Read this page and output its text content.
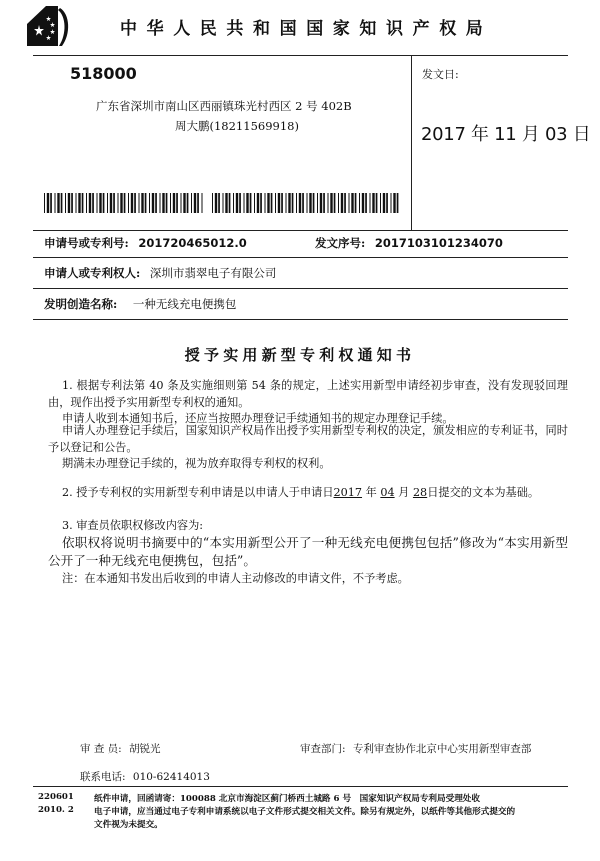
中华人民共和国国家知识产权局
518000
广东省深圳市南山区西丽镇珠光村西区 2 号 402B
周大鹏(18211569918)
发文日:
2017 年 11 月 03 日
申请号或专利号: 201720465012.0	发文序号: 2017103101234070
申请人或专利权人: 深圳市翡翠电子有限公司
发明创造名称: 一种无线充电便携包
授予实用新型专利权通知书
1. 根据专利法第 40 条及实施细则第 54 条的规定，上述实用新型申请经初步审查，没有发现驳回理由，现作出授予实用新型专利权的通知。
申请人收到本通知书后，还应当按照办理登记手续通知书的规定办理登记手续。
申请人办理登记手续后，国家知识产权局作出授予实用新型专利权的决定，颁发相应的专利证书，同时予以登记和公告。
期满未办理登记手续的，视为放弃取得专利权的权利。
2. 授予专利权的实用新型专利申请是以申请人于申请日2017 年 04 月 28日提交的文本为基础。
3. 审查员依职权修改内容为:
依职权将说明书摘要中的“本实用新型公开了一种无线充电便携包包括”修改为“本实用新型公开了一种无线充电便携包，包括”。
注：在本通知书发出后收到的申请人主动修改的申请文件，不予考虑。
审 查 员: 胡锐光	审查部门: 专利审查协作北京中心实用新型审查部
联系电话: 010-62414013
220601
2010. 2
纸件申请，回函请寄：100088 北京市海淀区蓟门桥西土城路 6 号　国家知识产权局专利局受理处收
电子申请，应当通过电子专利申请系统以电子文件形式提交相关文件。除另有规定外，以纸件等其他形式提交的
文件视为未提交。
